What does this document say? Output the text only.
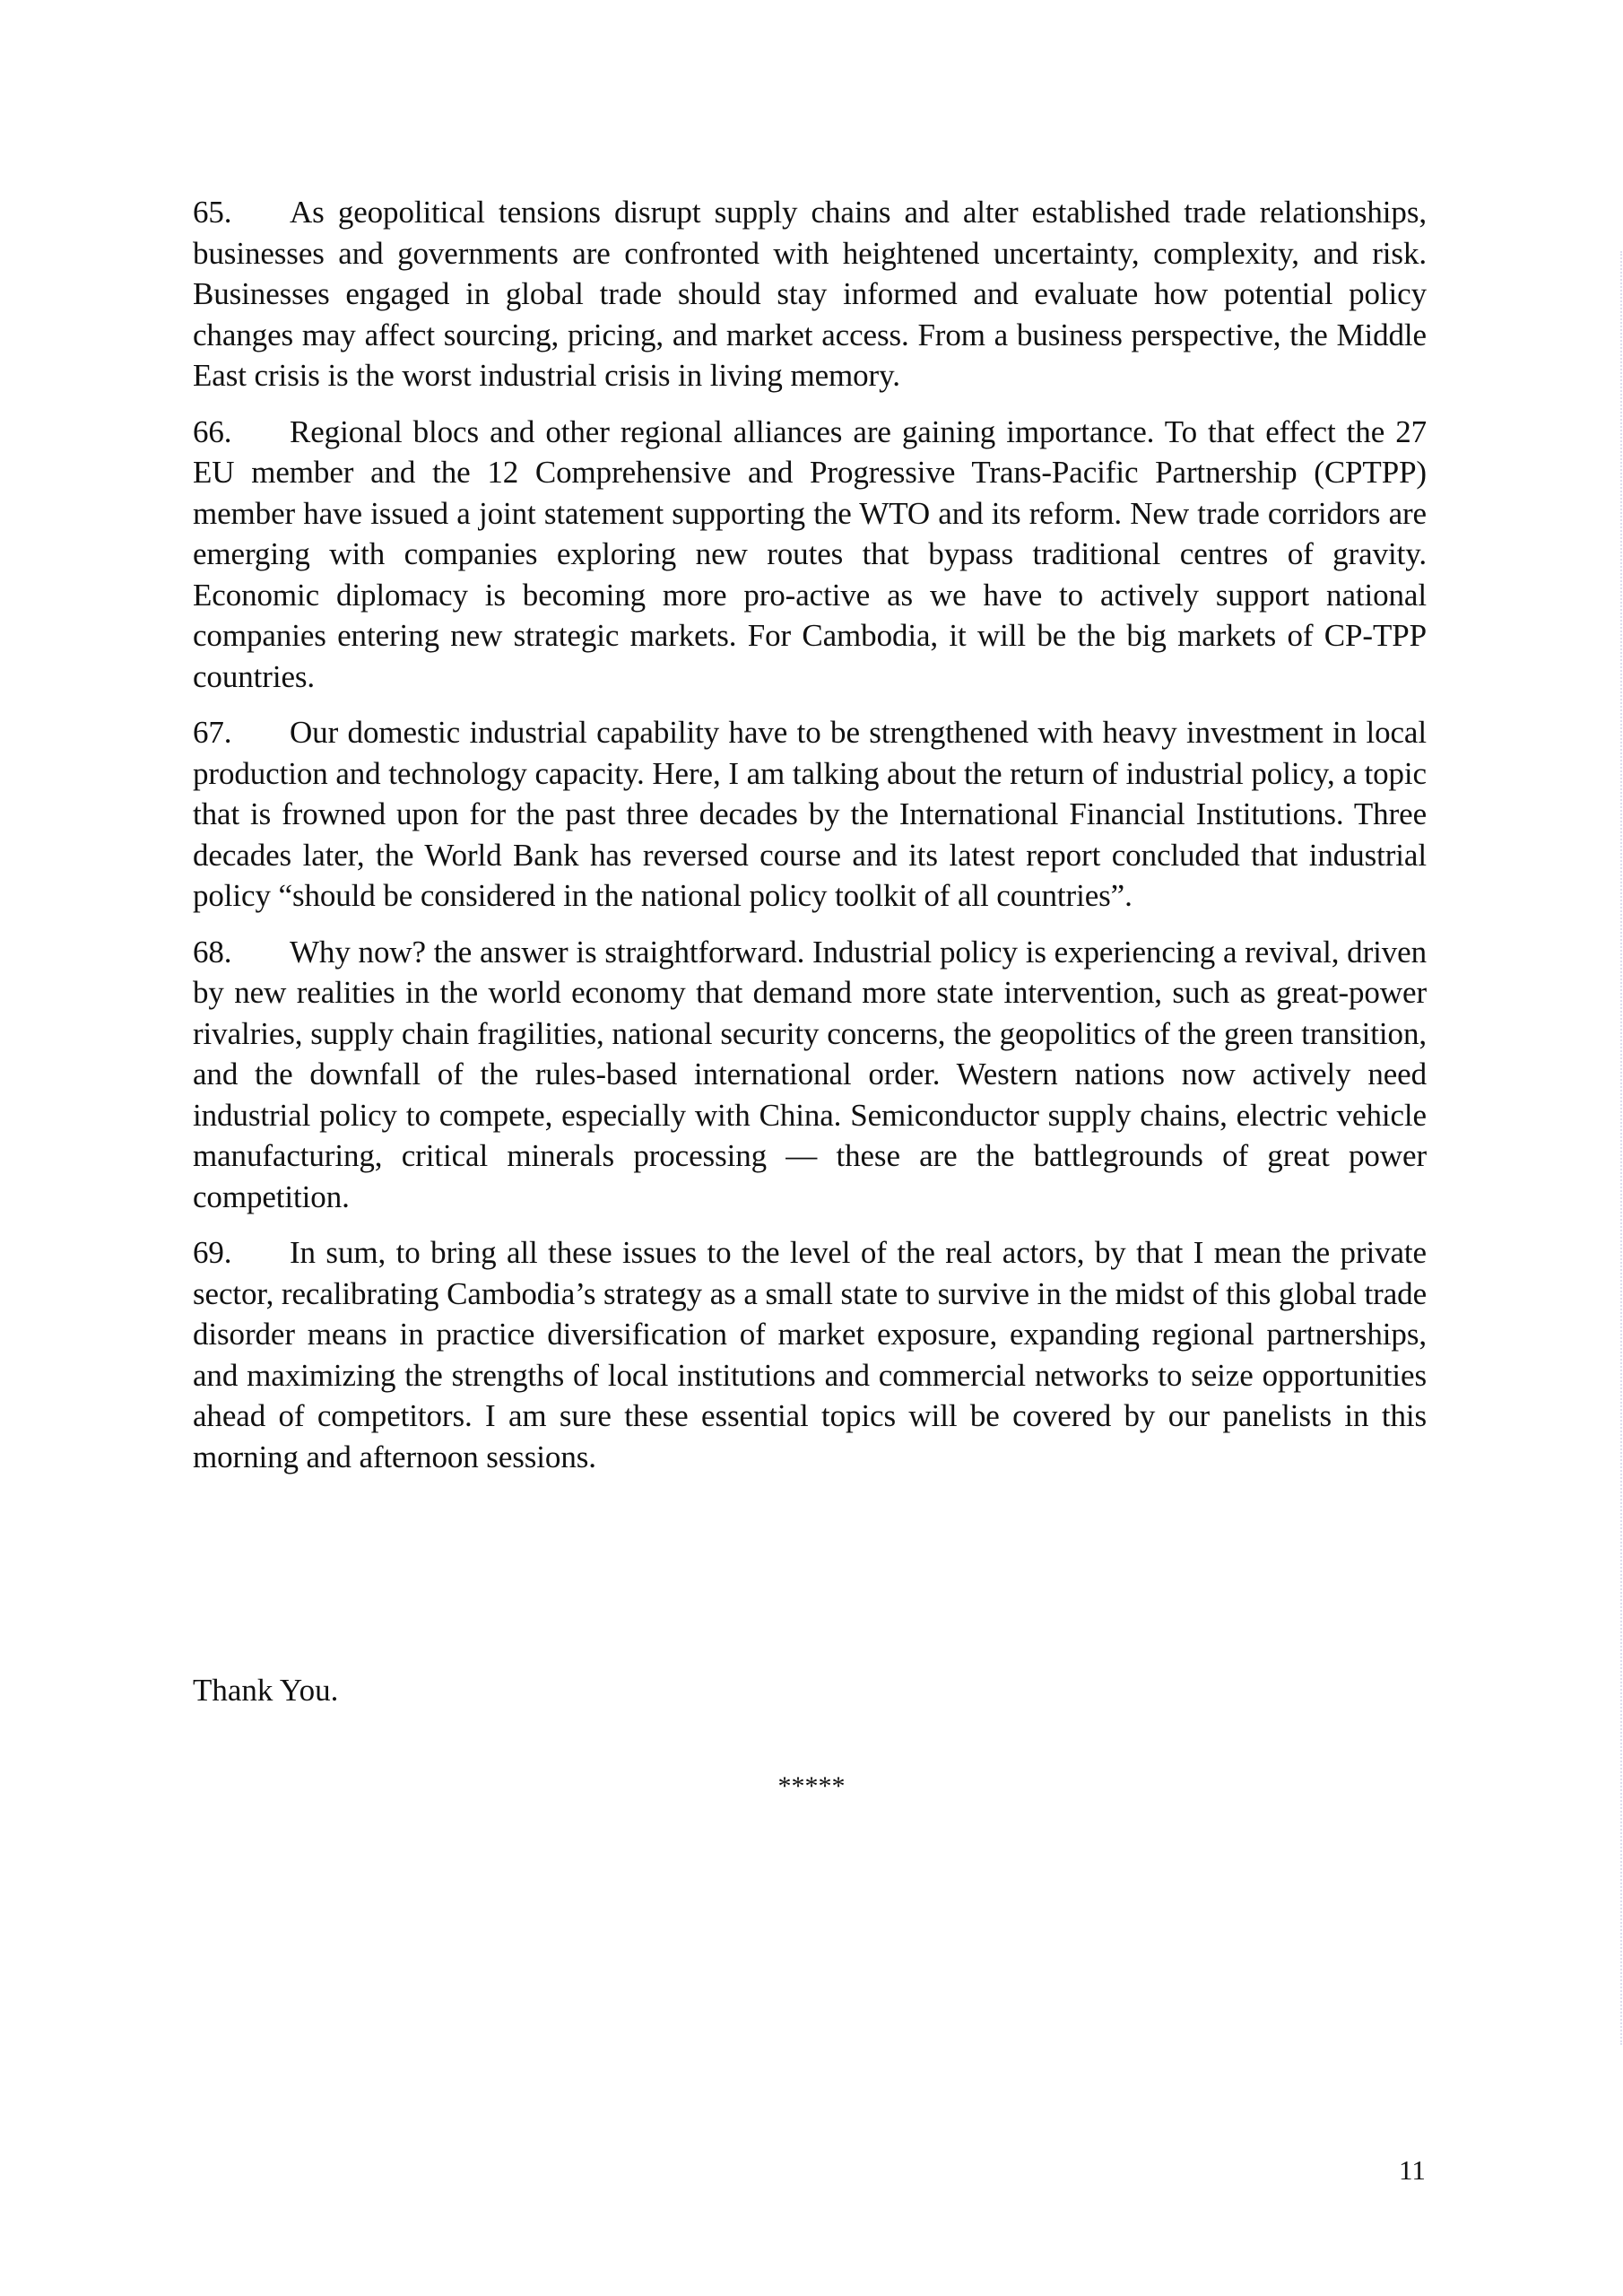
65. As geopolitical tensions disrupt supply chains and alter established trade relationships, businesses and governments are confronted with heightened uncertainty, complexity, and risk. Businesses engaged in global trade should stay informed and evaluate how potential policy changes may affect sourcing, pricing, and market access. From a business perspective, the Middle East crisis is the worst industrial crisis in living memory.

66. Regional blocs and other regional alliances are gaining importance. To that effect the 27 EU member and the 12 Comprehensive and Progressive Trans-Pacific Partnership (CPTPP) member have issued a joint statement supporting the WTO and its reform. New trade corridors are emerging with companies exploring new routes that bypass traditional centres of gravity. Economic diplomacy is becoming more pro-active as we have to actively support national companies entering new strategic markets. For Cambodia, it will be the big markets of CP-TPP countries.

67. Our domestic industrial capability have to be strengthened with heavy investment in local production and technology capacity. Here, I am talking about the return of industrial policy, a topic that is frowned upon for the past three decades by the International Financial Institutions. Three decades later, the World Bank has reversed course and its latest report concluded that industrial policy “should be considered in the national policy toolkit of all countries”.

68. Why now? the answer is straightforward. Industrial policy is experiencing a revival, driven by new realities in the world economy that demand more state intervention, such as great-power rivalries, supply chain fragilities, national security concerns, the geopolitics of the green transition, and the downfall of the rules-based international order. Western nations now actively need industrial policy to compete, especially with China. Semiconductor supply chains, electric vehicle manufacturing, critical minerals processing — these are the battlegrounds of great power competition.

69. In sum, to bring all these issues to the level of the real actors, by that I mean the private sector, recalibrating Cambodia’s strategy as a small state to survive in the midst of this global trade disorder means in practice diversification of market exposure, expanding regional partnerships, and maximizing the strengths of local institutions and commercial networks to seize opportunities ahead of competitors. I am sure these essential topics will be covered by our panelists in this morning and afternoon sessions.

Thank You.
*****
11
